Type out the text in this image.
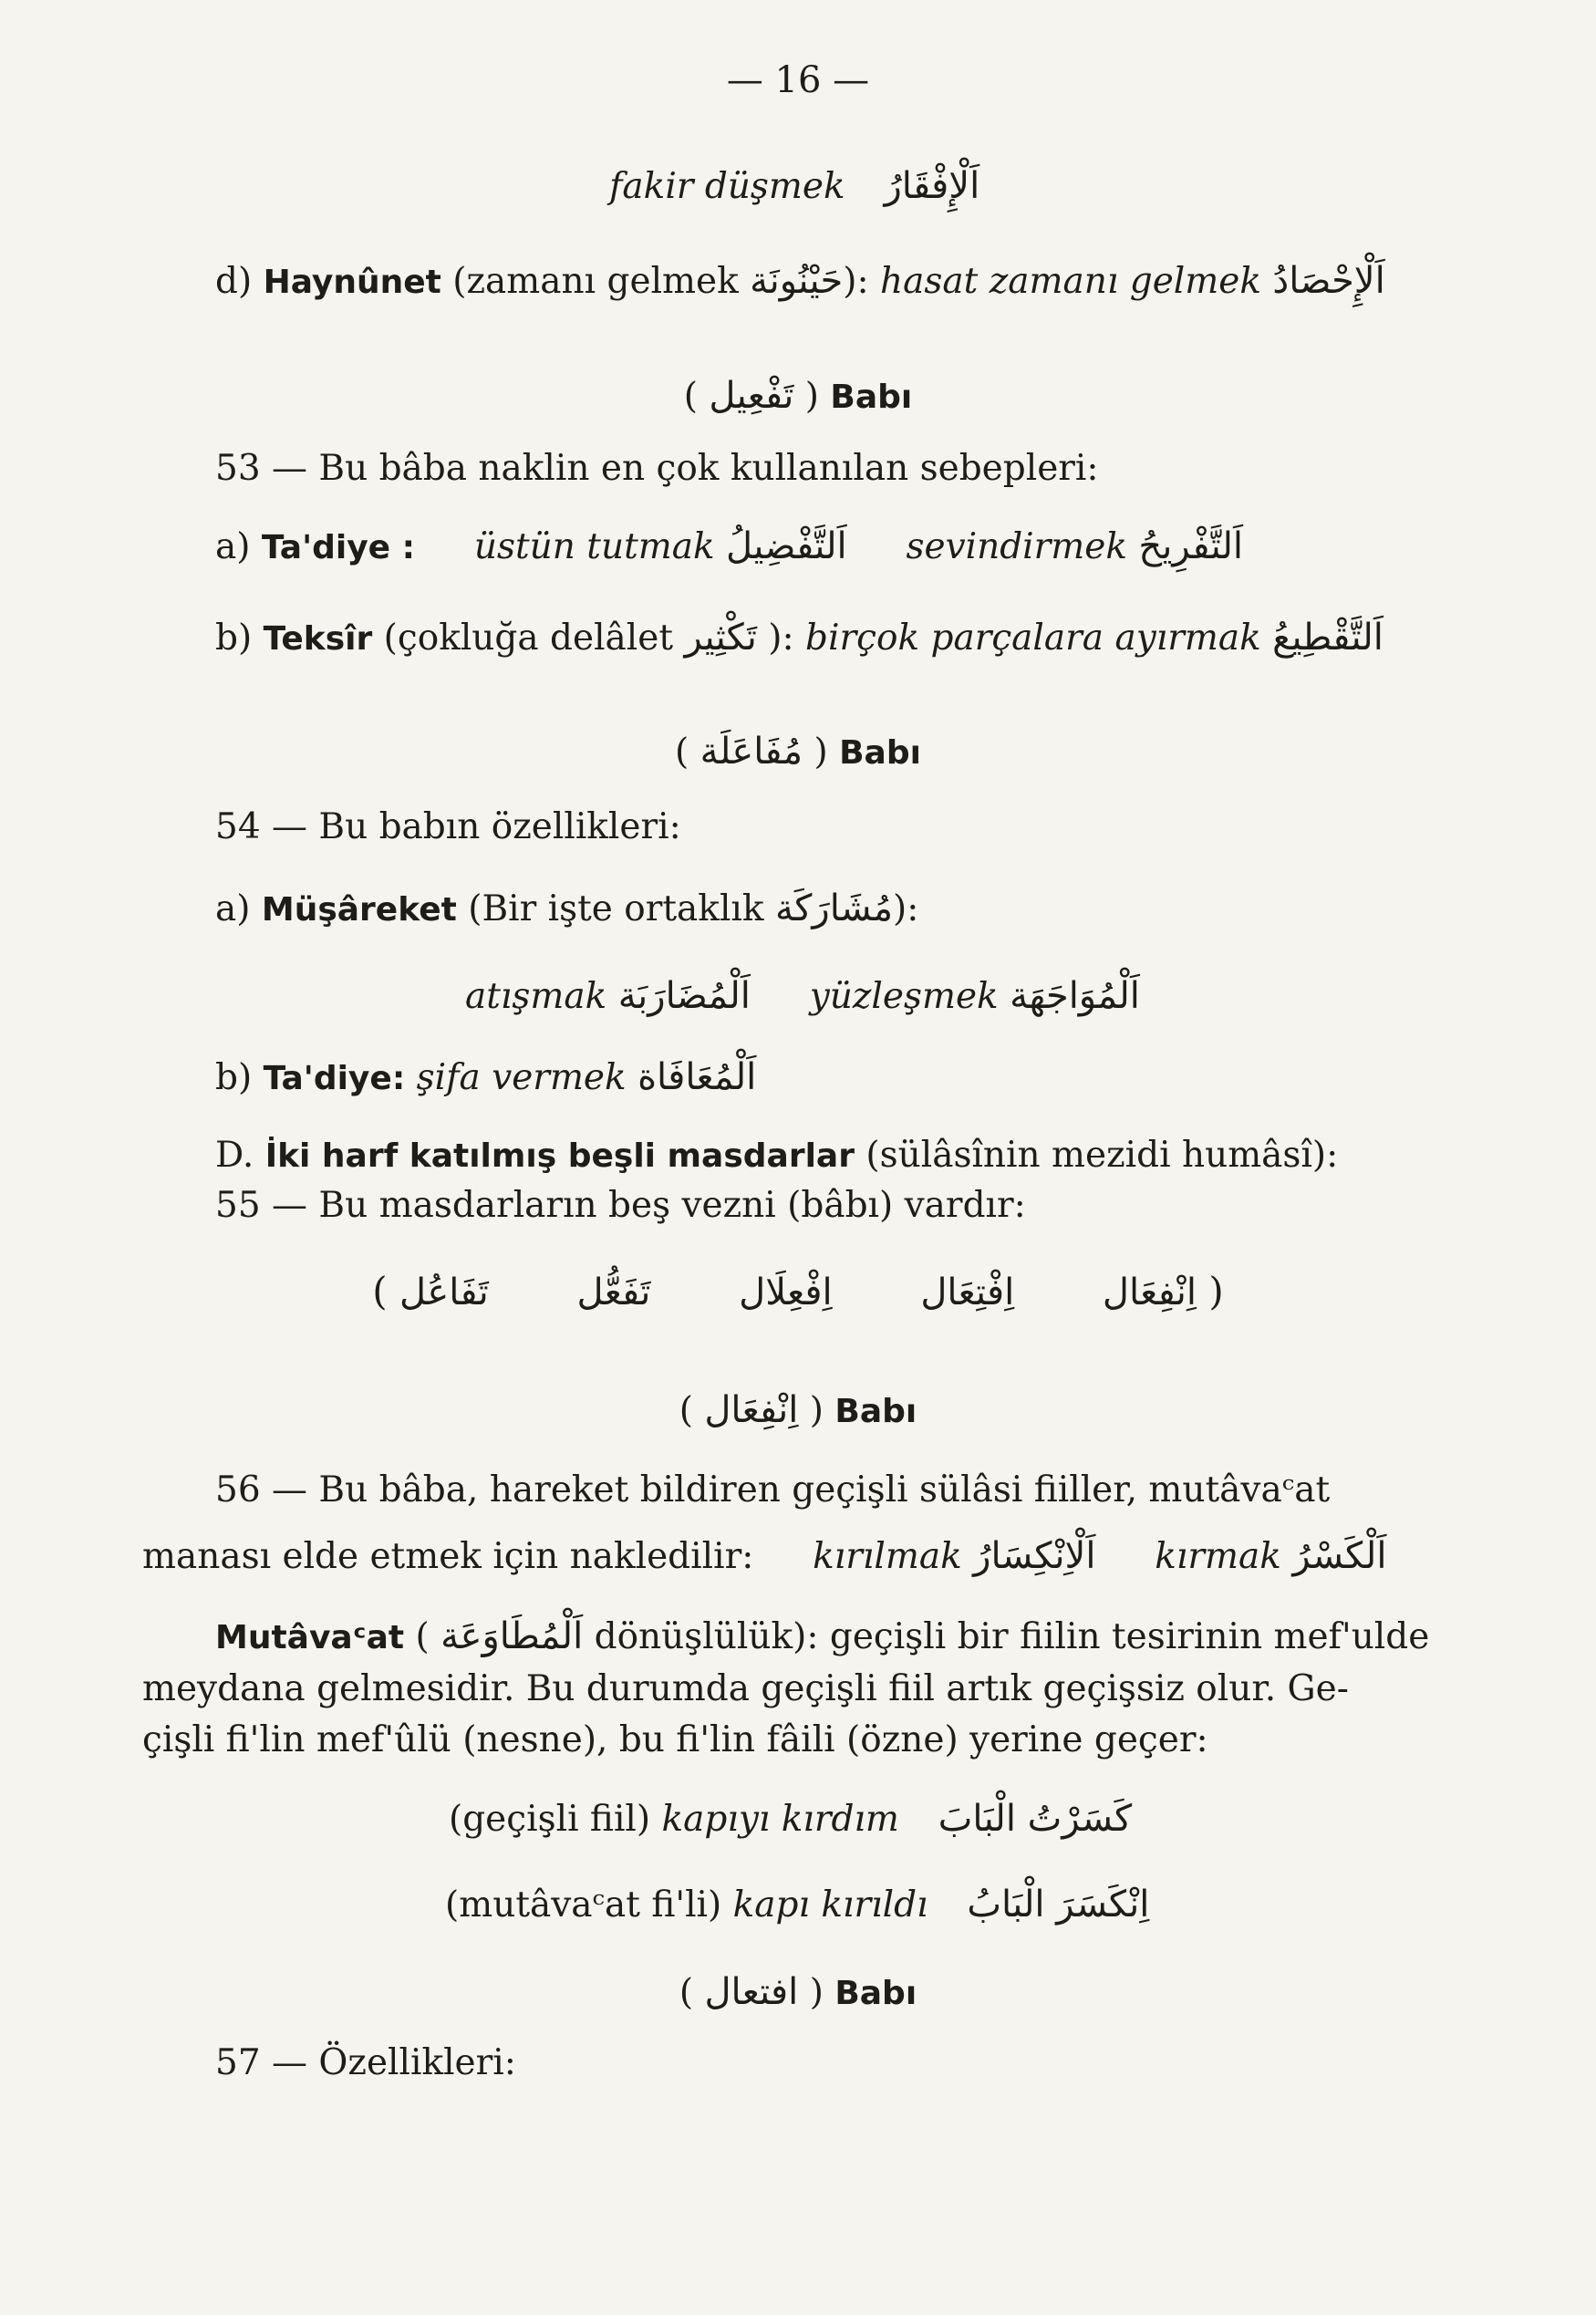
— 16 —
fakir düşmek اَلْإِفْقَارُ
d) Haynûnet (zamanı gelmek حَيْنُونَة): hasat zamanı gelmek اَلْإِحْصَادُ
( تَفْعِيل ) Babı
53 — Bu bâba naklin en çok kullanılan sebepleri:
a) Ta'diye : üstün tutmak اَلتَّفْضِيلُ sevindirmek اَلتَّفْرِيحُ
b) Teksîr (çokluğa delâlet تَكْثِير ): birçok parçalara ayırmak اَلتَّقْطِيعُ
( مُفَاعَلَة ) Babı
54 — Bu babın özellikleri:
a) Müşâreket (Bir işte ortaklık مُشَارَكَة):
atışmak اَلْمُضَارَبَة yüzleşmek اَلْمُوَاجَهَة
b) Ta'diye: şifa vermek اَلْمُعَافَاة
D. İki harf katılmış beşli masdarlar (sülâsînin mezidi humâsî):
55 — Bu masdarların beş vezni (bâbı) vardır:
( تَفَاعُل تَفَعُّل اِفْعِلَال اِفْتِعَال اِنْفِعَال )
( اِنْفِعَال ) Babı
56 — Bu bâba, hareket bildiren geçişli sülâsi fiiller, mutâvaᶜat
manası elde etmek için nakledilir: kırılmak اَلْاِنْكِسَارُ kırmak اَلْكَسْرُ
Mutâvaᶜat ( اَلْمُطَاوَعَة dönüşlülük): geçişli bir fiilin tesirinin mef'ulde
meydana gelmesidir. Bu durumda geçişli fiil artık geçişsiz olur. Ge-
çişli fi'lin mef'ûlü (nesne), bu fi'lin fâili (özne) yerine geçer:
(geçişli fiil) kapıyı kırdım كَسَرْتُ الْبَابَ
(mutâvaᶜat fi'li) kapı kırıldı اِنْكَسَرَ الْبَابُ
( افتعال ) Babı
57 — Özellikleri:
